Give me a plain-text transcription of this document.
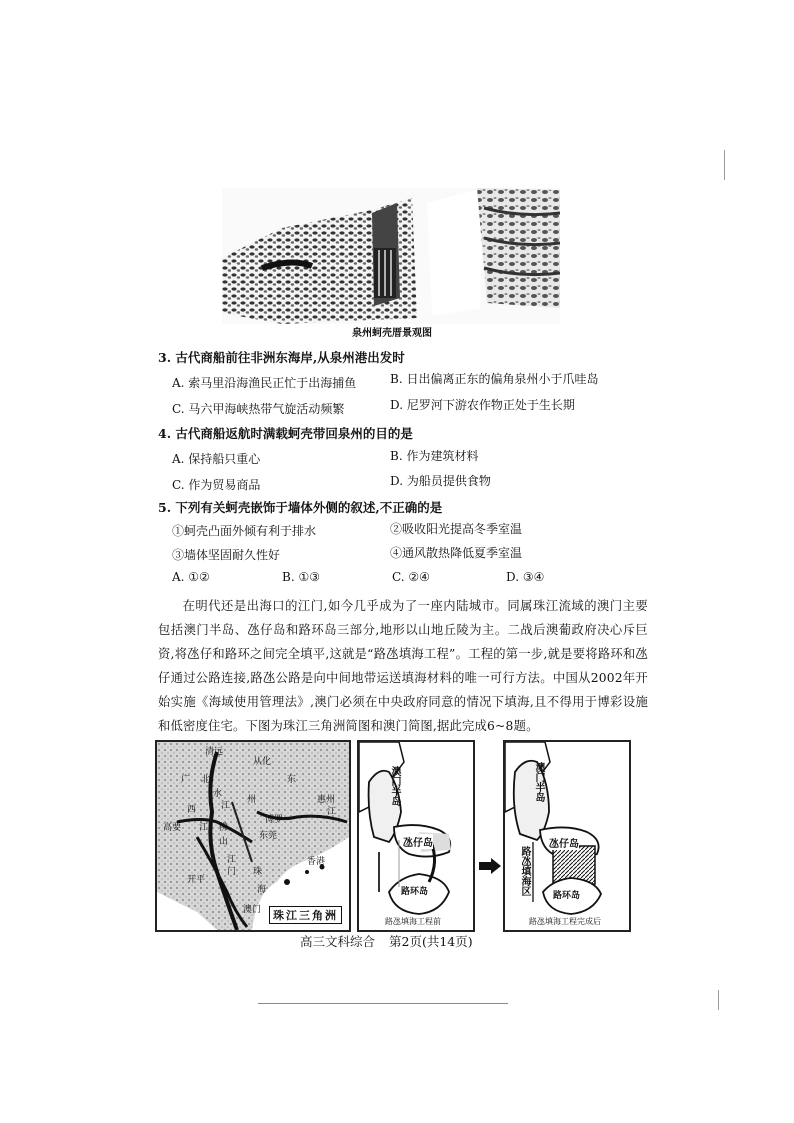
泉州蚵壳厝景观图
3. 古代商船前往非洲东海岸,从泉州港出发时
A. 索马里沿海渔民正忙于出海捕鱼	B. 日出偏离正东的偏角泉州小于爪哇岛
C. 马六甲海峡热带气旋活动频繁	D. 尼罗河下游农作物正处于生长期
4. 古代商船返航时满载蚵壳带回泉州的目的是
A. 保持船只重心	B. 作为建筑材料
C. 作为贸易商品	D. 为船员提供食物
5. 下列有关蚵壳嵌饰于墙体外侧的叙述,不正确的是
①蚵壳凸面外倾有利于排水	②吸收阳光提高冬季室温
③墙体坚固耐久性好	④通风散热降低夏季室温
A. ①②	B. ①③	C. ②④	D. ③④

在明代还是出海口的江门,如今几乎成为了一座内陆城市。同属珠江流域的澳门主要包括澳门半岛、氹仔岛和路环岛三部分,地形以山地丘陵为主。二战后澳葡政府决心斥巨资,将氹仔和路环之间完全填平,这就是“路氹填海工程”。工程的第一步,就是要将路环和氹仔通过公路连接,路氹公路是向中间地带运送填海材料的唯一可行方法。中国从2002年开始实施《海域使用管理法》,澳门必须在中央政府同意的情况下填海,且不得用于博彩设施和低密度住宅。下图为珠江三角洲简图和澳门简图,据此完成6~8题。

清远
从化
广 北
水
江
州
东
西	江
惠州
高要 江
博罗
东莞
佛
山
江
门 珠
海
开平
澳门
香港
珠江三角洲
澳门半岛
氹仔岛
路环岛
路氹填海工程前
澳门半岛
氹仔岛
路氹填海区	路环岛
路氹填海工程完成后
高三文科综合 第2页(共14页)
